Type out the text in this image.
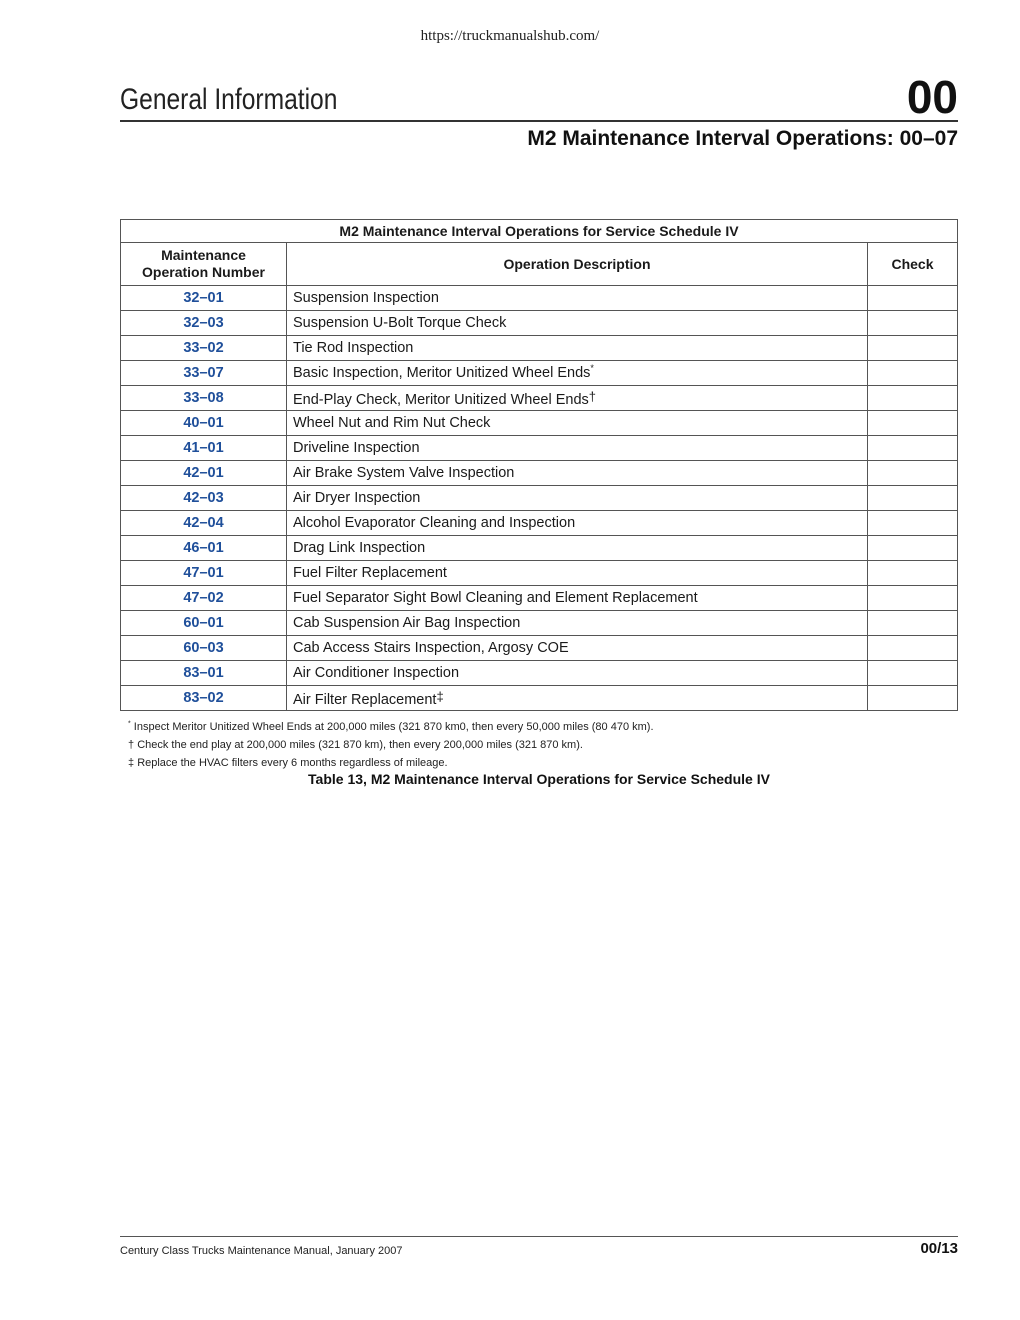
https://truckmanualshub.com/
General Information	00
M2 Maintenance Interval Operations: 00–07
M2 Maintenance Interval Operations for Service Schedule IV		
Maintenance
Operation Number	Operation Description	Check
32–01	Suspension Inspection	
32–03	Suspension U-Bolt Torque Check	
33–02	Tie Rod Inspection	
33–07	Basic Inspection, Meritor Unitized Wheel Ends*	
33–08	End-Play Check, Meritor Unitized Wheel Ends†	
40–01	Wheel Nut and Rim Nut Check	
41–01	Driveline Inspection	
42–01	Air Brake System Valve Inspection	
42–03	Air Dryer Inspection	
42–04	Alcohol Evaporator Cleaning and Inspection	
46–01	Drag Link Inspection	
47–01	Fuel Filter Replacement	
47–02	Fuel Separator Sight Bowl Cleaning and Element Replacement	
60–01	Cab Suspension Air Bag Inspection	
60–03	Cab Access Stairs Inspection, Argosy COE	
83–01	Air Conditioner Inspection	
83–02	Air Filter Replacement‡	
* Inspect Meritor Unitized Wheel Ends at 200,000 miles (321 870 km0, then every 50,000 miles (80 470 km).
† Check the end play at 200,000 miles (321 870 km), then every 200,000 miles (321 870 km).
‡ Replace the HVAC filters every 6 months regardless of mileage.
Table 13, M2 Maintenance Interval Operations for Service Schedule IV
Century Class Trucks Maintenance Manual, January 2007	00/13
